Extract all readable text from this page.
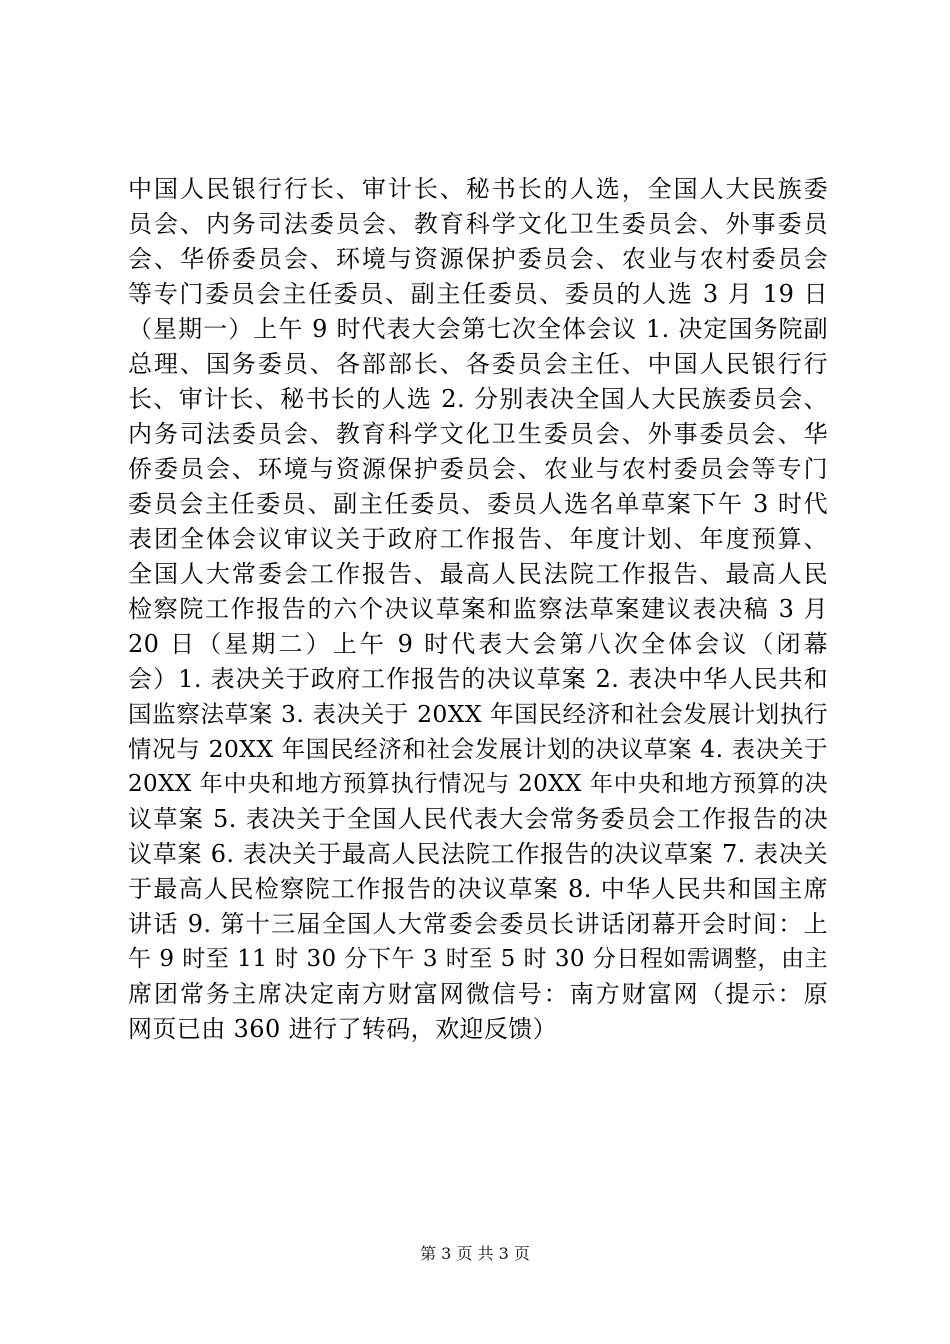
中国人民银行行长、审计长、秘书长的人选，全国人大民族委
员会、内务司法委员会、教育科学文化卫生委员会、外事委员
会、华侨委员会、环境与资源保护委员会、农业与农村委员会
等专门委员会主任委员、副主任委员、委员的人选 3 月 19 日
（星期一）上午 9 时代表大会第七次全体会议 1. 决定国务院副
总理、国务委员、各部部长、各委员会主任、中国人民银行行
长、审计长、秘书长的人选 2. 分别表决全国人大民族委员会、
内务司法委员会、教育科学文化卫生委员会、外事委员会、华
侨委员会、环境与资源保护委员会、农业与农村委员会等专门
委员会主任委员、副主任委员、委员人选名单草案下午 3 时代
表团全体会议审议关于政府工作报告、年度计划、年度预算、
全国人大常委会工作报告、最高人民法院工作报告、最高人民
检察院工作报告的六个决议草案和监察法草案建议表决稿 3 月
20 日（星期二）上午 9 时代表大会第八次全体会议（闭幕
会）1. 表决关于政府工作报告的决议草案 2. 表决中华人民共和
国监察法草案 3. 表决关于 20XX 年国民经济和社会发展计划执行
情况与 20XX 年国民经济和社会发展计划的决议草案 4. 表决关于
20XX 年中央和地方预算执行情况与 20XX 年中央和地方预算的决
议草案 5. 表决关于全国人民代表大会常务委员会工作报告的决
议草案 6. 表决关于最高人民法院工作报告的决议草案 7. 表决关
于最高人民检察院工作报告的决议草案 8. 中华人民共和国主席
讲话 9. 第十三届全国人大常委会委员长讲话闭幕开会时间：上
午 9 时至 11 时 30 分下午 3 时至 5 时 30 分日程如需调整，由主
席团常务主席决定南方财富网微信号：南方财富网（提示：原
网页已由 360 进行了转码，欢迎反馈）
第 3 页 共 3 页
